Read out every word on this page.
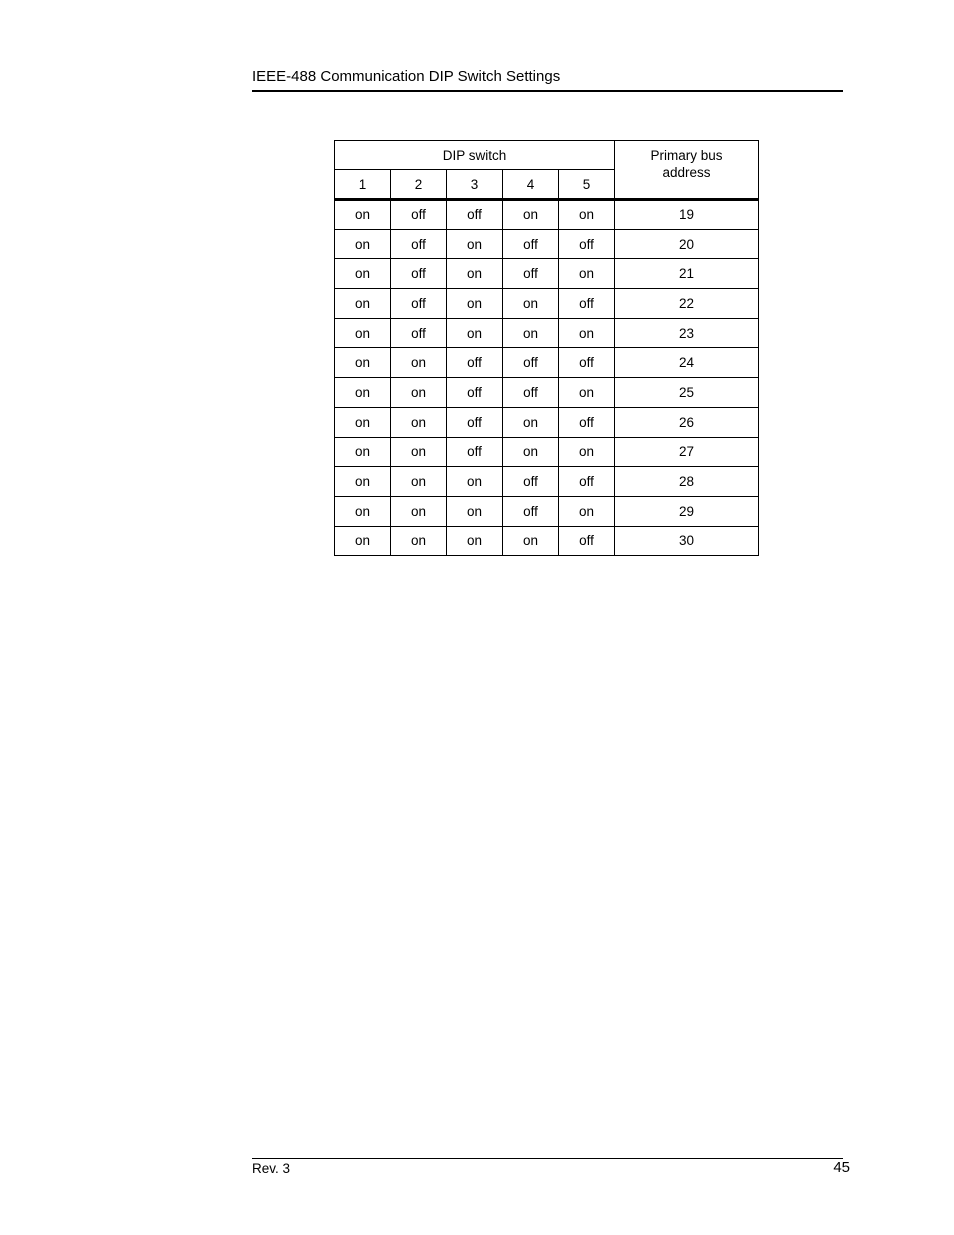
IEEE-488 Communication DIP Switch Settings
DIP switch					Primary bus
address

1	2	3	4	5	
on	off	off	on	on	19
on	off	on	off	off	20
on	off	on	off	on	21
on	off	on	on	off	22
on	off	on	on	on	23
on	on	off	off	off	24
on	on	off	off	on	25
on	on	off	on	off	26
on	on	off	on	on	27
on	on	on	off	off	28
on	on	on	off	on	29
on	on	on	on	off	30
Rev. 3	45
